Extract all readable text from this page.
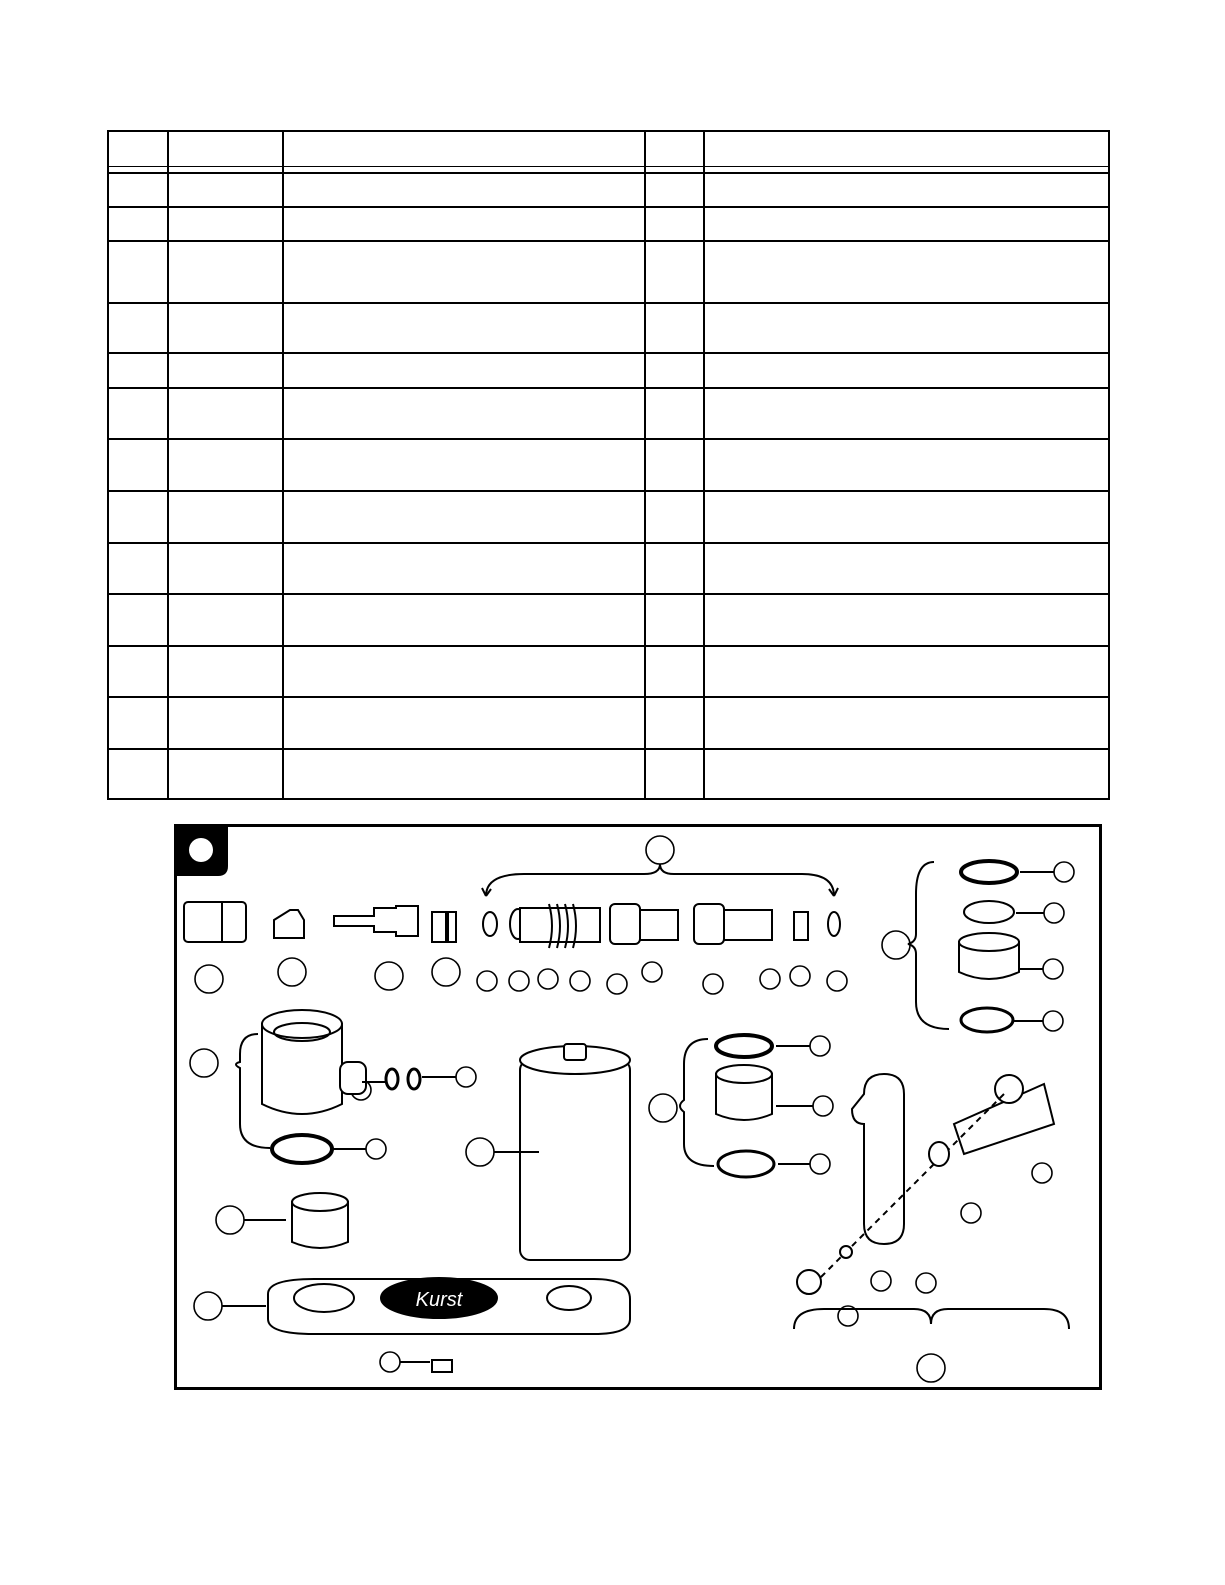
Kurst
